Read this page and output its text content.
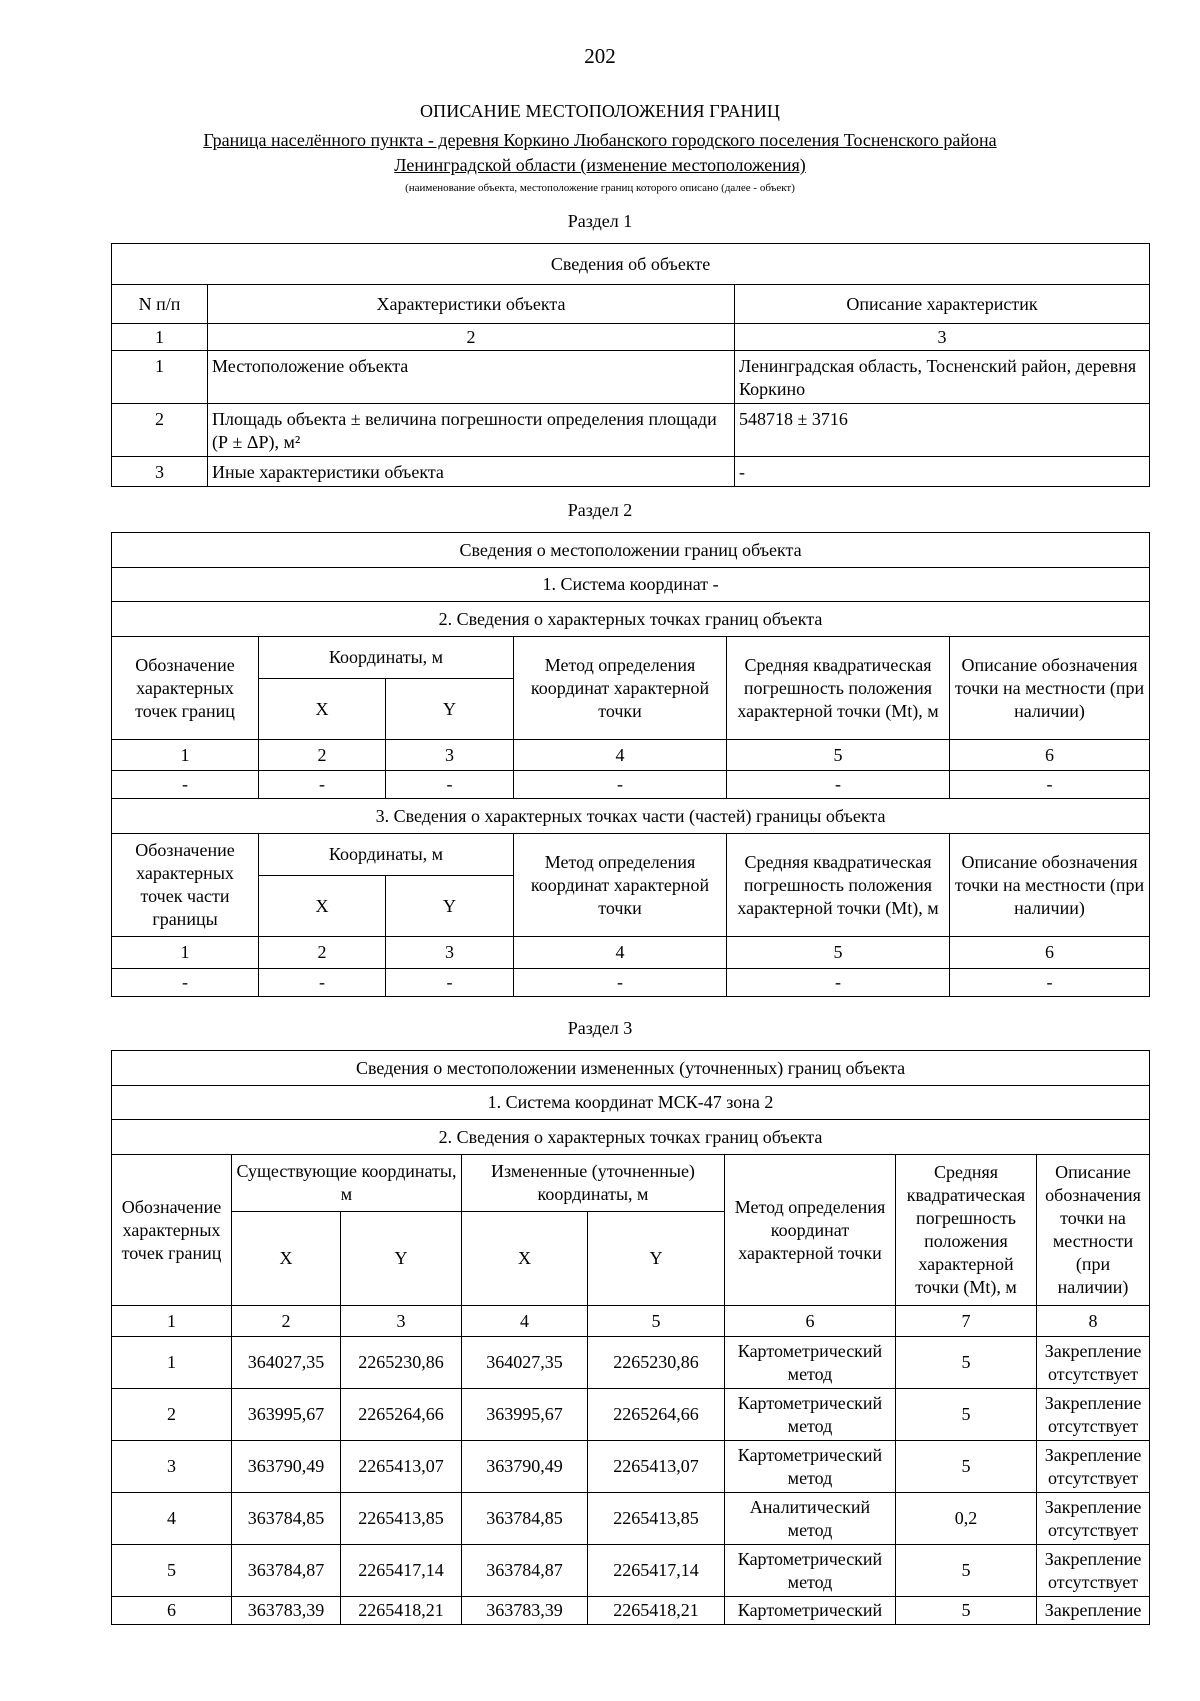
202
ОПИСАНИЕ МЕСТОПОЛОЖЕНИЯ ГРАНИЦ
Граница населённого пункта - деревня Коркино Любанского городского поселения Тосненского района
Ленинградской области (изменение местоположения)
(наименование объекта, местоположение границ которого описано (далее - объект)
Раздел 1
Сведения об объекте		
N п/п	Характеристики объекта	Описание характеристик
1	2	3
1	Местоположение объекта	Ленинградская область, Тосненский район, деревня Коркино
2	Площадь объекта ± величина погрешности определения площади (Р ± ΔР), м²	548718 ± 3716
3	Иные характеристики объекта	-
Раздел 2
Сведения о местоположении границ объекта					
1. Система координат -					
2. Сведения о характерных точках границ объекта					
Обозначение характерных точек границ	Координаты, м		Метод определения координат характерной точки	Средняя квадратическая погрешность положения характерной точки (Mt), м	Описание обозначения точки на местности (при наличии)
	X	Y			
1	2	3	4	5	6
-	-	-	-	-	-
3. Сведения о характерных точках части (частей) границы объекта					
Обозначение характерных точек части границы	Координаты, м		Метод определения координат характерной точки	Средняя квадратическая погрешность положения характерной точки (Mt), м	Описание обозначения точки на местности (при наличии)
	X	Y			
1	2	3	4	5	6
-	-	-	-	-	-
Раздел 3
Сведения о местоположении измененных (уточненных) границ объекта							
1. Система координат МСК-47 зона 2							
2. Сведения о характерных точках границ объекта							
Обозначение характерных точек границ	Существующие координаты, м		Измененные (уточненные) координаты, м		Метод определения координат характерной точки	Средняя квадратическая погрешность положения характерной точки (Mt), м	Описание обозначения точки на местности (при наличии)
	X	Y	X	Y			
1	2	3	4	5	6	7	8
1	364027,35	2265230,86	364027,35	2265230,86	Картометрический метод	5	Закрепление отсутствует
2	363995,67	2265264,66	363995,67	2265264,66	Картометрический метод	5	Закрепление отсутствует
3	363790,49	2265413,07	363790,49	2265413,07	Картометрический метод	5	Закрепление отсутствует
4	363784,85	2265413,85	363784,85	2265413,85	Аналитический метод	0,2	Закрепление отсутствует
5	363784,87	2265417,14	363784,87	2265417,14	Картометрический метод	5	Закрепление отсутствует
6	363783,39	2265418,21	363783,39	2265418,21	Картометрический	5	Закрепление
